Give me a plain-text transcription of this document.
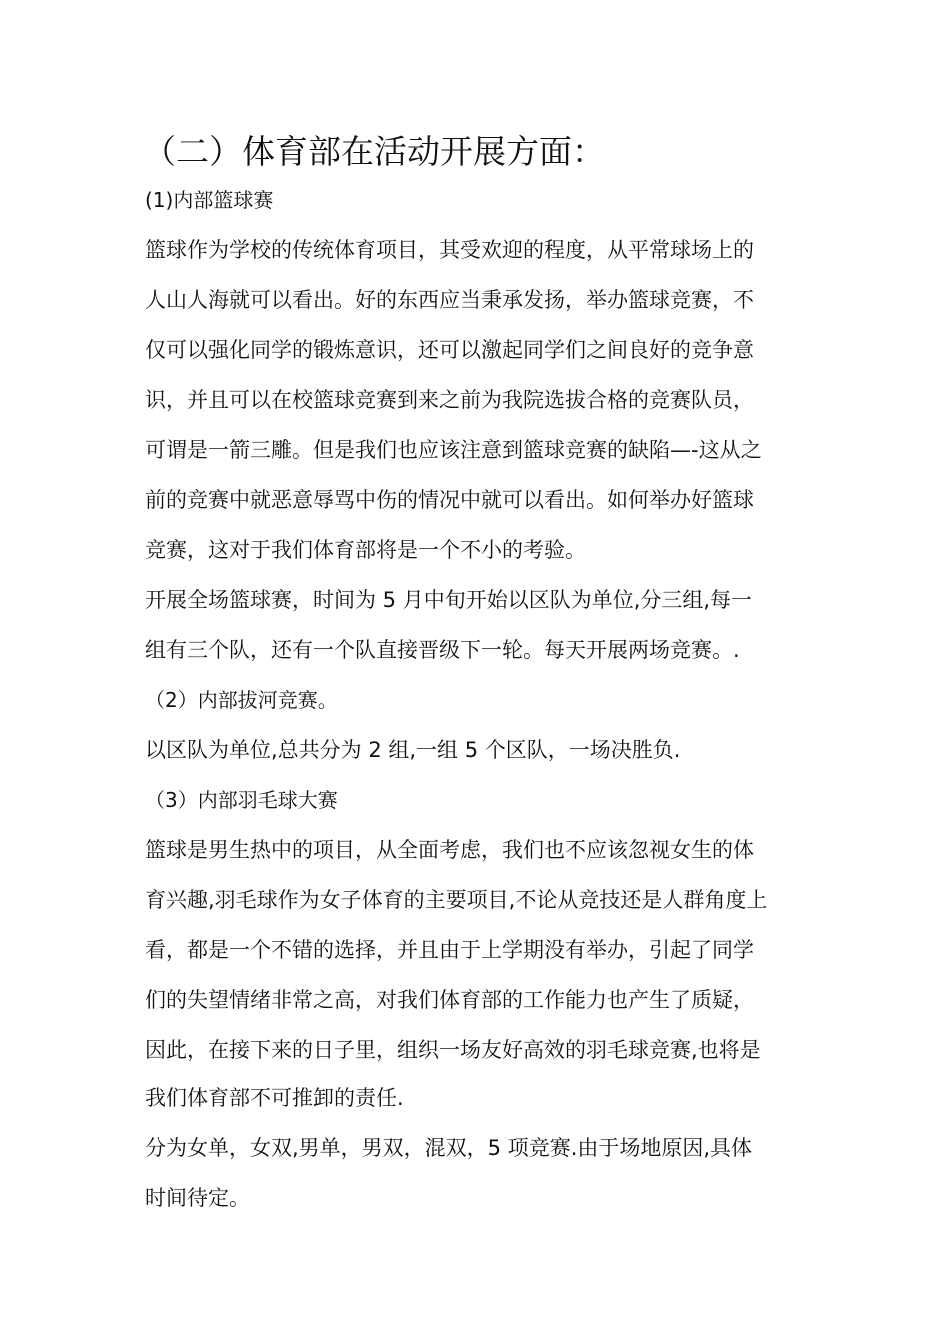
（二）体育部在活动开展方面：
(1)内部篮球赛
篮球作为学校的传统体育项目，其受欢迎的程度，从平常球场上的
人山人海就可以看出。好的东西应当秉承发扬，举办篮球竞赛，不
仅可以强化同学的锻炼意识，还可以激起同学们之间良好的竞争意
识，并且可以在校篮球竞赛到来之前为我院选拔合格的竞赛队员，
可谓是一箭三雕。但是我们也应该注意到篮球竞赛的缺陷—-这从之
前的竞赛中就恶意辱骂中伤的情况中就可以看出。如何举办好篮球
竞赛，这对于我们体育部将是一个不小的考验。
开展全场篮球赛，时间为 5 月中旬开始以区队为单位,分三组,每一
组有三个队，还有一个队直接晋级下一轮。每天开展两场竞赛。.
（2）内部拔河竞赛。
以区队为单位,总共分为 2 组,一组 5 个区队，一场决胜负.
（3）内部羽毛球大赛
篮球是男生热中的项目，从全面考虑，我们也不应该忽视女生的体
育兴趣,羽毛球作为女子体育的主要项目,不论从竞技还是人群角度上
看，都是一个不错的选择，并且由于上学期没有举办，引起了同学
们的失望情绪非常之高，对我们体育部的工作能力也产生了质疑，
因此，在接下来的日子里，组织一场友好高效的羽毛球竞赛,也将是
我们体育部不可推卸的责任.
分为女单，女双,男单，男双，混双，5 项竞赛.由于场地原因,具体
时间待定。
